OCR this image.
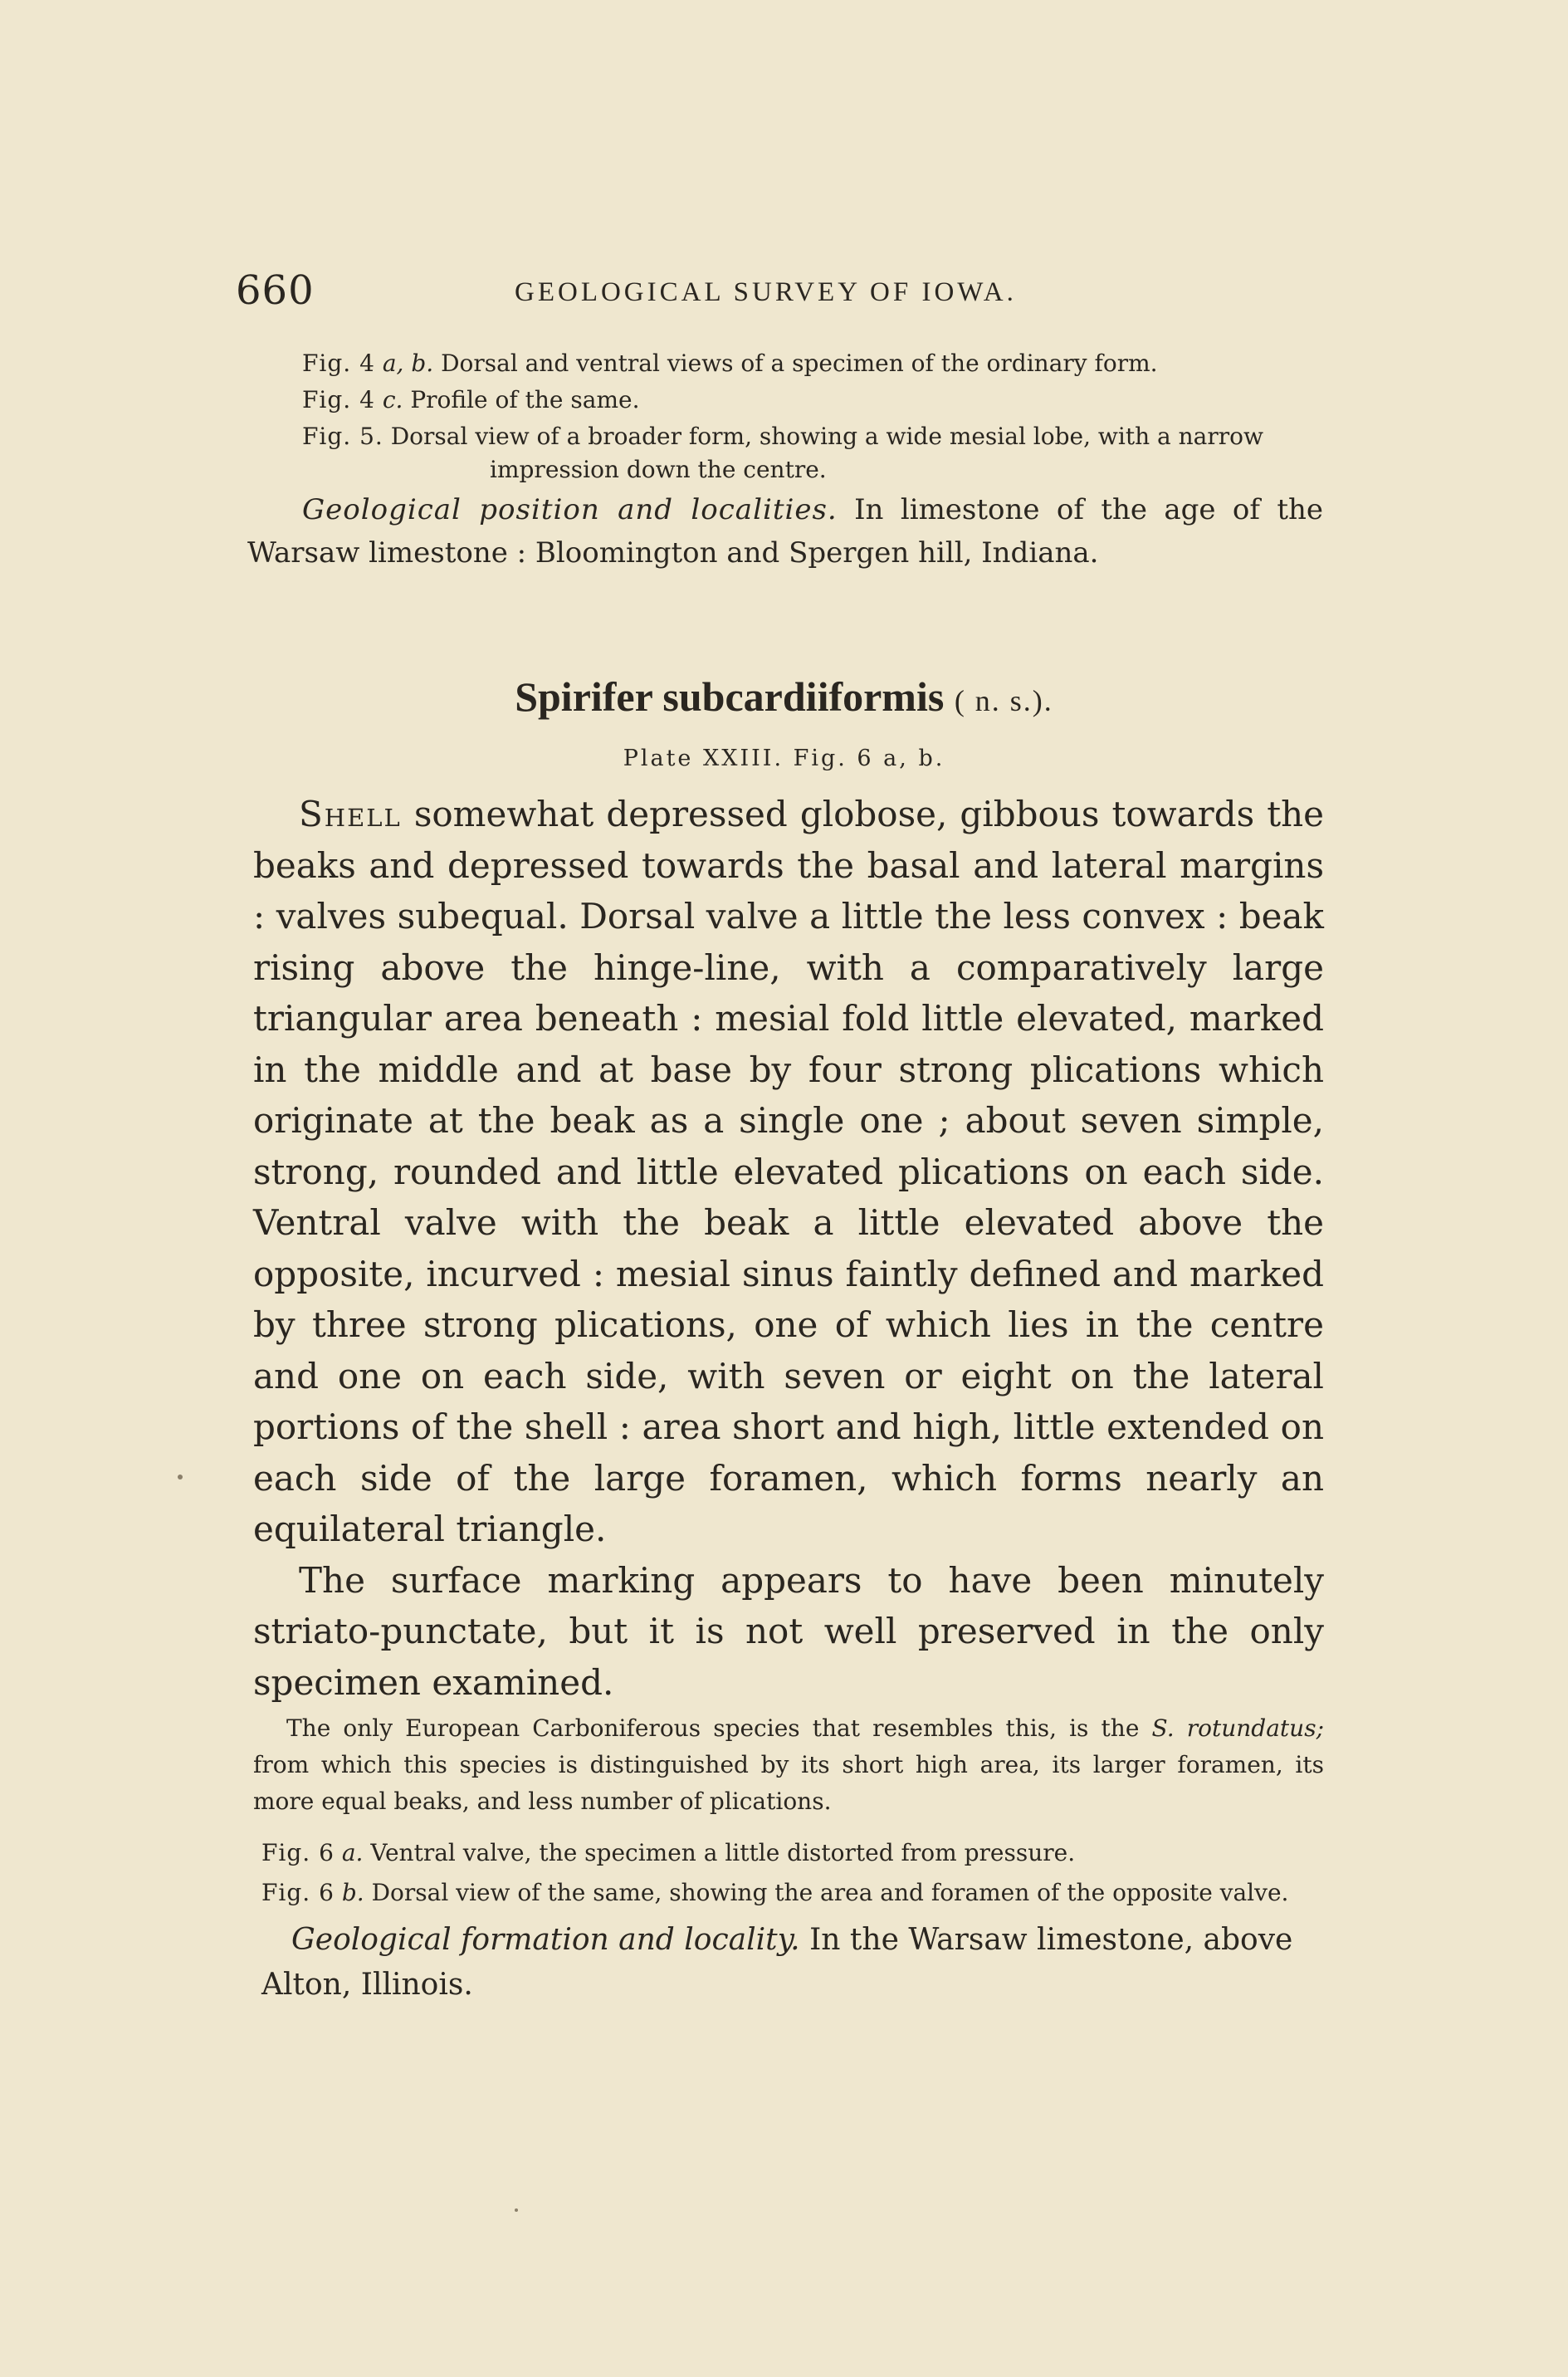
660	GEOLOGICAL SURVEY OF IOWA.
Fig. 4 a, b. Dorsal and ventral views of a specimen of the ordinary form.
Fig. 4 c. Profile of the same.
Fig. 5. Dorsal view of a broader form, showing a wide mesial lobe, with a narrow
impression down the centre.
Geological position and localities. In limestone of the age of the Warsaw limestone : Bloomington and Spergen hill, Indiana.
Spirifer subcardiiformis ( n. s.).
Plate XXIII. Fig. 6 a, b.

Shell somewhat depressed globose, gibbous towards the beaks and depressed towards the basal and lateral margins : valves subequal. Dorsal valve a little the less convex : beak rising above the hinge-line, with a comparatively large triangular area beneath : mesial fold little elevated, marked in the middle and at base by four strong plications which originate at the beak as a single one ; about seven simple, strong, rounded and little elevated plications on each side. Ventral valve with the beak a little elevated above the opposite, incurved : mesial sinus faintly defined and marked by three strong plications, one of which lies in the centre and one on each side, with seven or eight on the lateral portions of the shell : area short and high, little extended on each side of the large foramen, which forms nearly an equilateral triangle.

The surface marking appears to have been minutely striato-punctate, but it is not well preserved in the only specimen examined.

The only European Carboniferous species that resembles this, is the S. rotundatus; from which this species is distinguished by its short high area, its larger foramen, its more equal beaks, and less number of plications.
Fig. 6 a. Ventral valve, the specimen a little distorted from pressure.
Fig. 6 b. Dorsal view of the same, showing the area and foramen of the opposite valve.
Geological formation and locality. In the Warsaw limestone, above Alton, Illinois.
